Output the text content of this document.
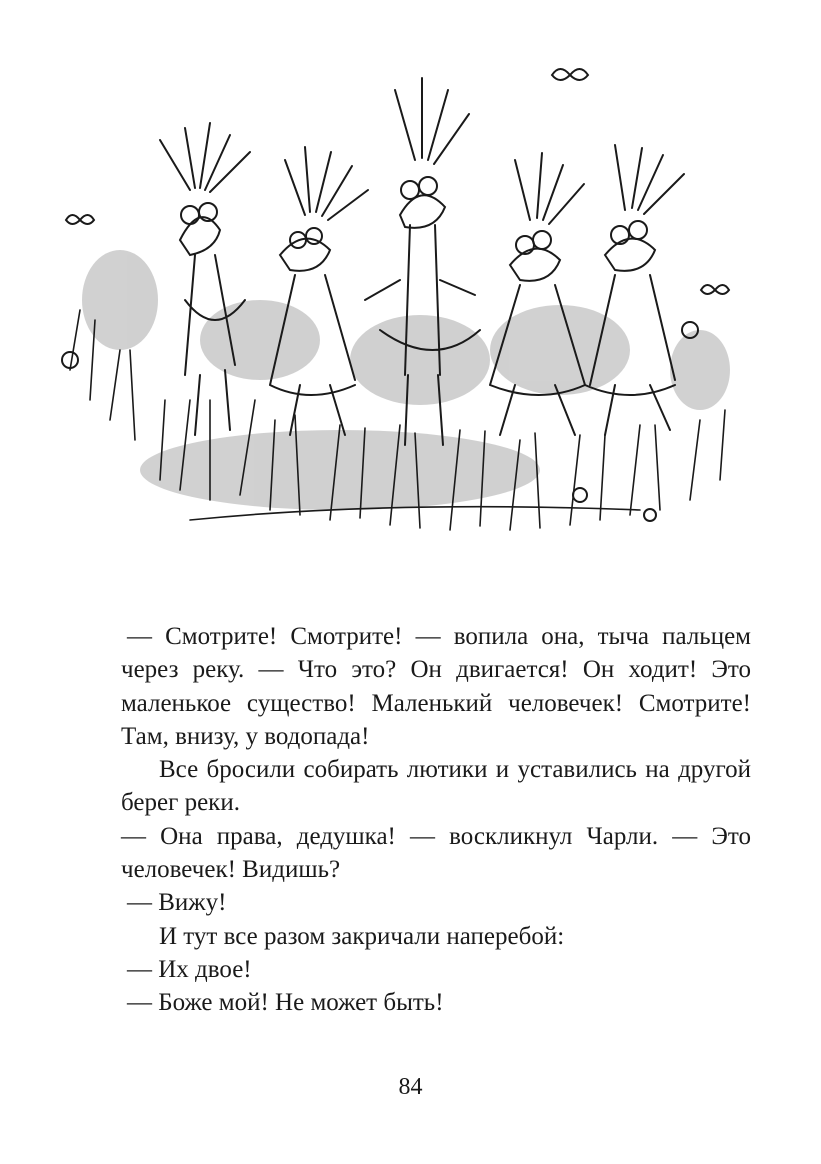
— Смотрите! Смотрите! — вопила она, тыча пальцем через реку. — Что это? Он двигается! Он ходит! Это маленькое существо! Маленький человечек! Смотрите! Там, внизу, у водопада!

Все бросили собирать лютики и уставились на другой берег реки.

— Она права, дедушка! — воскликнул Чарли. — Это человечек! Видишь?

— Вижу!

И тут все разом закричали наперебой:

— Их двое!

— Боже мой! Не может быть!

84
